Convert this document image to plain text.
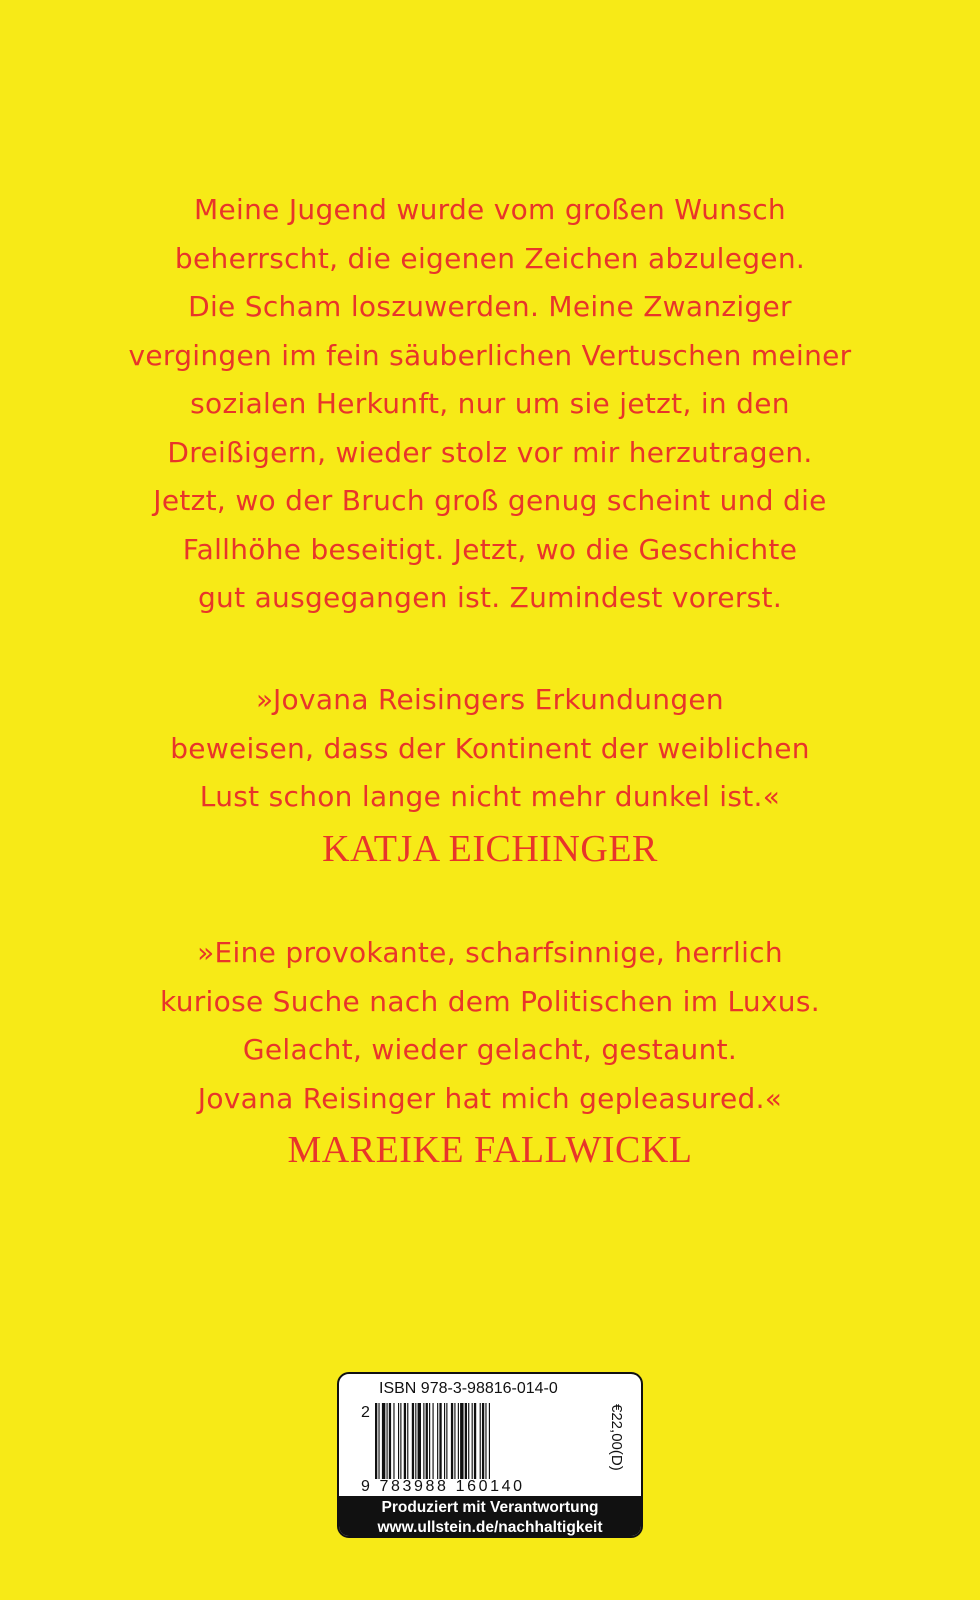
Meine Jugend wurde vom großen Wunsch

beherrscht, die eigenen Zeichen abzulegen.

Die Scham loszuwerden. Meine Zwanziger

vergingen im fein säuberlichen Vertuschen meiner

sozialen Herkunft, nur um sie jetzt, in den

Dreißigern, wieder stolz vor mir herzutragen.

Jetzt, wo der Bruch groß genug scheint und die

Fallhöhe beseitigt. Jetzt, wo die Geschichte

gut ausgegangen ist. Zumindest vorerst.

»Jovana Reisingers Erkundungen

beweisen, dass der Kontinent der weiblichen

Lust schon lange nicht mehr dunkel ist.«

KATJA EICHINGER

»Eine provokante, scharfsinnige, herrlich

kuriose Suche nach dem Politischen im Luxus.

Gelacht, wieder gelacht, gestaunt.

Jovana Reisinger hat mich gepleasured.«

MAREIKE FALLWICKL

ISBN 978-3-98816-014-0
2	€22,00(D)
9 783988 160140
Produziert mit Verantwortung
www.ullstein.de/nachhaltigkeit
